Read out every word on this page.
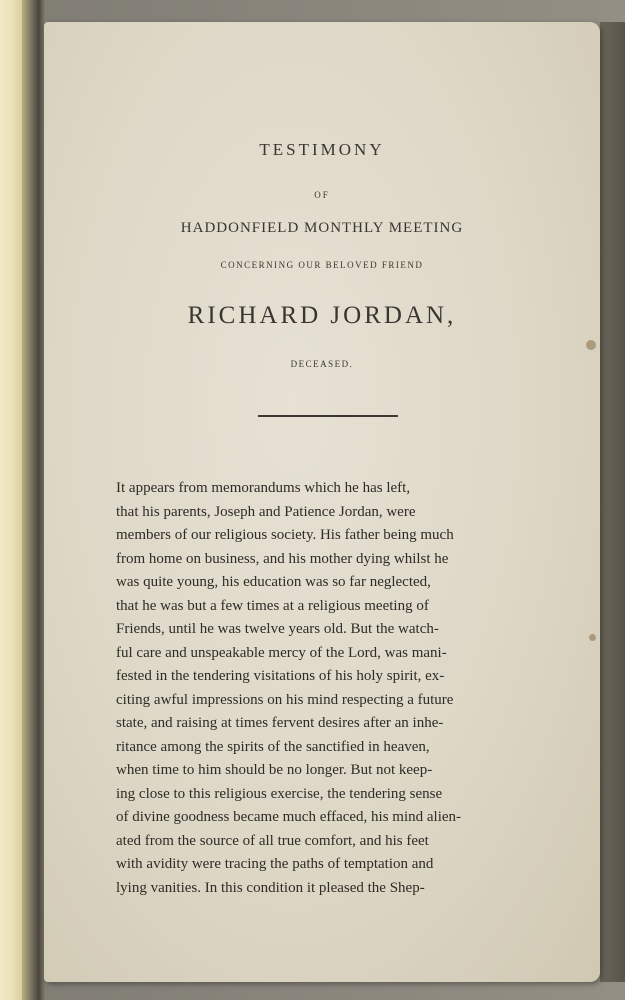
TESTIMONY
OF
HADDONFIELD MONTHLY MEETING
CONCERNING OUR BELOVED FRIEND
RICHARD JORDAN,
DECEASED.
It appears from memorandums which he has left,
that his parents, Joseph and Patience Jordan, were
members of our religious society. His father being much
from home on business, and his mother dying whilst he
was quite young, his education was so far neglected,
that he was but a few times at a religious meeting of
Friends, until he was twelve years old. But the watch-
ful care and unspeakable mercy of the Lord, was mani-
fested in the tendering visitations of his holy spirit, ex-
citing awful impressions on his mind respecting a future
state, and raising at times fervent desires after an inhe-
ritance among the spirits of the sanctified in heaven,
when time to him should be no longer. But not keep-
ing close to this religious exercise, the tendering sense
of divine goodness became much effaced, his mind alien-
ated from the source of all true comfort, and his feet
with avidity were tracing the paths of temptation and
lying vanities. In this condition it pleased the Shep-
